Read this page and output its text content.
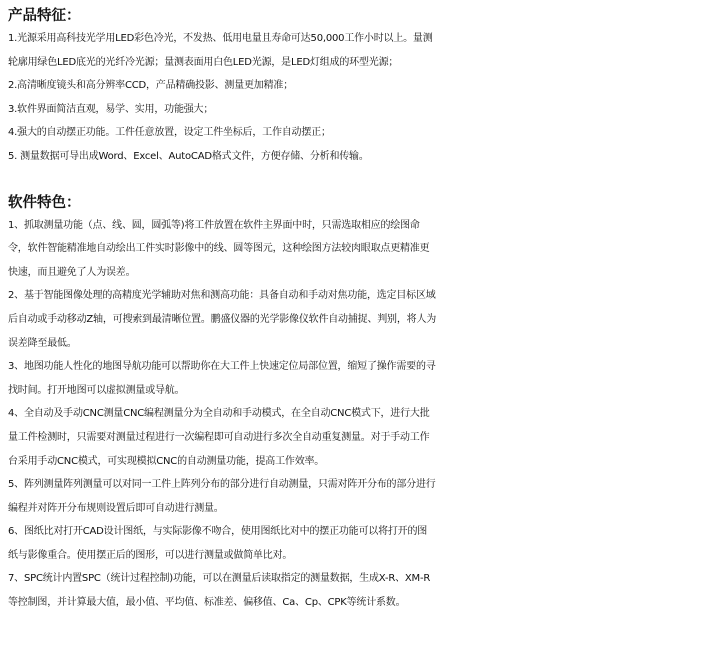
产品特征：

1.光源采用高科技光学用LED彩色冷光，不发热、低用电量且寿命可达50,000工作小时以上。量测

轮廓用绿色LED底光的光纤冷光源；量测表面用白色LED光源，是LED灯组成的环型光源；

2.高清晰度镜头和高分辨率CCD，产品精确投影、测量更加精准；

3.软件界面简洁直观，易学、实用，功能强大；

4.强大的自动摆正功能。工件任意放置，设定工件坐标后，工作自动摆正；

5. 测量数据可导出成Word、Excel、AutoCAD格式文件，方便存储、分析和传输。

软件特色：

1、抓取测量功能（点、线、圆，圆弧等)将工件放置在软件主界面中时，只需选取相应的绘图命

令，软件智能精准地自动绘出工件实时影像中的线、圆等图元，这种绘图方法较肉眼取点更精准更

快速，而且避免了人为误差。

2、基于智能图像处理的高精度光学辅助对焦和测高功能：具备自动和手动对焦功能，选定目标区域

后自动或手动移动Z轴，可搜索到最清晰位置。鹏盛仪器的光学影像仪软件自动捕捉、判别，将人为

误差降至最低。

3、地图功能人性化的地图导航功能可以帮助你在大工件上快速定位局部位置，缩短了操作需要的寻

找时间。打开地图可以虚拟测量或导航。

4、全自动及手动CNC测量CNC编程测量分为全自动和手动模式，在全自动CNC模式下，进行大批

量工件检测时，只需要对测量过程进行一次编程即可自动进行多次全自动重复测量。对于手动工作

台采用手动CNC模式，可实现模拟CNC的自动测量功能，提高工作效率。

5、阵列测量阵列测量可以对同一工件上阵列分布的部分进行自动测量，只需对阵开分布的部分进行

编程并对阵开分布规则设置后即可自动进行测量。

6、图纸比对打开CAD设计图纸，与实际影像不吻合，使用图纸比对中的摆正功能可以将打开的图

纸与影像重合。使用摆正后的图形，可以进行测量或做简单比对。

7、SPC统计内置SPC（统计过程控制)功能，可以在测量后读取指定的测量数据，生成X-R、XM-R

等控制图，并计算最大值，最小值、平均值、标准差、偏移值、Ca、Cp、CPK等统计系数。
